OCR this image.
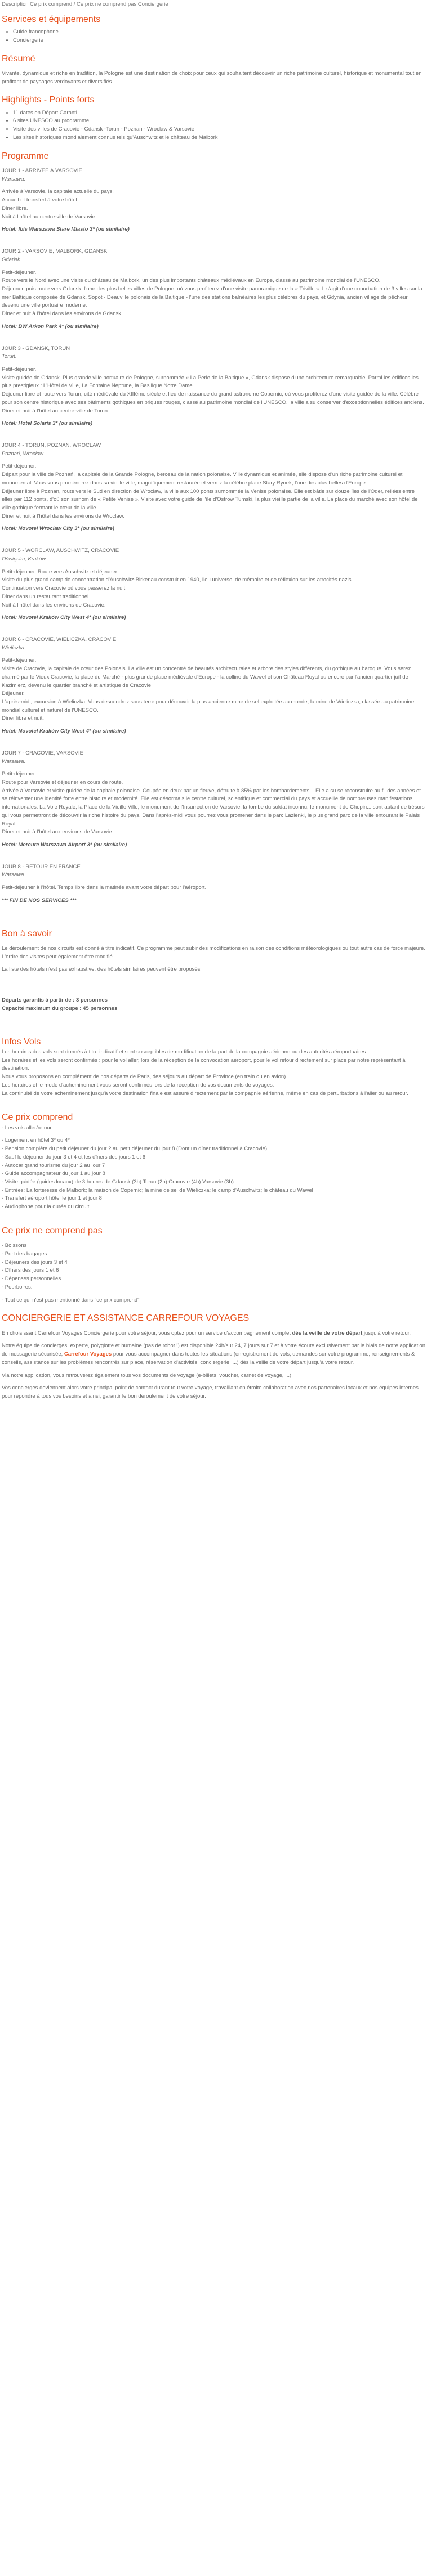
Description Ce prix comprend / Ce prix ne comprend pas Conciergerie

Services et équipements
• Guide francophone
• Conciergerie
Résumé

Vivante, dynamique et riche en tradition, la Pologne est une destination de choix pour ceux qui souhaitent découvrir un riche patrimoine culturel, historique et monumental tout en profitant de paysages verdoyants et diversifiés.

Highlights - Points forts
• 11 dates en Départ Garanti
• 6 sites UNESCO au programme
• Visite des villes de Cracovie - Gdansk -Torun - Poznan - Wroclaw & Varsovie
• Les sites historiques mondialement connus tels qu'Auschwitz et le château de Malbork
Programme

JOUR 1 - ARRIVÉE À VARSOVIE

Warsawa.

Arrivée à Varsovie, la capitale actuelle du pays.
Accueil et transfert à votre hôtel.
Dîner libre.
Nuit à l'hôtel au centre-ville de Varsovie.

Hotel: Ibis Warszawa Stare Miasto 3* (ou similaire)

JOUR 2 - VARSOVIE, MALBORK, GDANSK

Gdańsk.

Petit-déjeuner.
Route vers le Nord avec une visite du château de Malbork, un des plus importants châteaux médiévaux en Europe, classé au patrimoine mondial de l'UNESCO.
Déjeuner, puis route vers Gdansk, l'une des plus belles villes de Pologne, où vous profiterez d'une visite panoramique de la « Triville ». Il s'agit d'une conurbation de 3 villes sur la mer Baltique composée de Gdansk, Sopot - Deauville polonais de la Baltique - l'une des stations balnéaires les plus célèbres du pays, et Gdynia, ancien village de pêcheur devenu une ville portuaire moderne.
Dîner et nuit à l'hôtel dans les environs de Gdansk.

Hotel: BW Arkon Park 4* (ou similaire)

JOUR 3 - GDANSK, TORUN

Toruń.

Petit-déjeuner.
Visite guidée de Gdansk. Plus grande ville portuaire de Pologne, surnommée « La Perle de la Baltique », Gdansk dispose d'une architecture remarquable. Parmi les édifices les plus prestigieux : L'Hôtel de Ville, La Fontaine Neptune, la Basilique Notre Dame.
Déjeuner libre et route vers Torun, cité médiévale du XIIIème siècle et lieu de naissance du grand astronome Copernic, où vous profiterez d'une visite guidée de la ville. Célèbre pour son centre historique avec ses bâtiments gothiques en briques rouges, classé au patrimoine mondial de l'UNESCO, la ville a su conserver d'exceptionnelles édifices anciens.
Dîner et nuit à l'hôtel au centre-ville de Torun.

Hotel: Hotel Solaris 3* (ou similaire)

JOUR 4 - TORUN, POZNAN, WROCLAW

Poznań, Wrocław.

Petit-déjeuner.
Départ pour la ville de Poznań, la capitale de la Grande Pologne, berceau de la nation polonaise. Ville dynamique et animée, elle dispose d'un riche patrimoine culturel et monumental. Vous vous promènerez dans sa vieille ville, magnifiquement restaurée et verrez la célèbre place Stary Rynek, l'une des plus belles d'Europe.
Déjeuner libre à Poznan, route vers le Sud en direction de Wroclaw, la ville aux 100 ponts surnommée la Venise polonaise. Elle est bâtie sur douze îles de l'Oder, reliées entre elles par 112 ponts, d'où son surnom de « Petite Venise ». Visite avec votre guide de l'île d'Ostrow Tumski, la plus vieille partie de la ville. La place du marché avec son hôtel de ville gothique fermant le cœur de la ville.
Dîner et nuit à l'hôtel dans les environs de Wroclaw.

Hotel: Novotel Wroclaw City 3* (ou similaire)

JOUR 5 - WORCLAW, AUSCHWITZ, CRACOVIE

Oświęcim, Kraków.

Petit-déjeuner. Route vers Auschwitz et déjeuner.
Visite du plus grand camp de concentration d'Auschwitz-Birkenau construit en 1940, lieu universel de mémoire et de réflexion sur les atrocités nazis.
Continuation vers Cracovie où vous passerez la nuit.
Dîner dans un restaurant traditionnel.
Nuit à l'hôtel dans les environs de Cracovie.

Hotel: Novotel Kraków City West 4* (ou similaire)

JOUR 6 - CRACOVIE, WIELICZKA, CRACOVIE

Wieliczka.

Petit-déjeuner.
Visite de Cracovie, la capitale de cœur des Polonais. La ville est un concentré de beautés architecturales et arbore des styles différents, du gothique au baroque. Vous serez charmé par le Vieux Cracovie, la place du Marché - plus grande place médiévale d'Europe - la colline du Wawel et son Château Royal ou encore par l'ancien quartier juif de Kazimierz, devenu le quartier branché et artistique de Cracovie.
Déjeuner.
L'après-midi, excursion à Wieliczka. Vous descendrez sous terre pour découvrir la plus ancienne mine de sel exploitée au monde, la mine de Wieliczka, classée au patrimoine mondial culturel et naturel de l'UNESCO.
Dîner libre et nuit.

Hotel: Novotel Kraków City West 4* (ou similaire)

JOUR 7 - CRACOVIE, VARSOVIE

Warsawa.

Petit-déjeuner.
Route pour Varsovie et déjeuner en cours de route.
Arrivée à Varsovie et visite guidée de la capitale polonaise. Coupée en deux par un fleuve, détruite à 85% par les bombardements... Elle a su se reconstruire au fil des années et se réinventer une identité forte entre histoire et modernité. Elle est désormais le centre culturel, scientifique et commercial du pays et accueille de nombreuses manifestations internationales. La Voie Royale, la Place de la Vieille Ville, le monument de l'Insurrection de Varsovie, la tombe du soldat inconnu, le monument de Chopin... sont autant de trésors qui vous permettront de découvrir la riche histoire du pays. Dans l'après-midi vous pourrez vous promener dans le parc Lazienki, le plus grand parc de la ville entourant le Palais Royal.
Dîner et nuit à l'hôtel aux environs de Varsovie.

Hotel: Mercure Warszawa Airport 3* (ou similaire)

JOUR 8 - RETOUR EN FRANCE

Warsawa.

Petit-déjeuner à l'hôtel. Temps libre dans la matinée avant votre départ pour l'aéroport.

*** FIN DE NOS SERVICES ***

Bon à savoir

Le déroulement de nos circuits est donné à titre indicatif. Ce programme peut subir des modifications en raison des conditions météorologiques ou tout autre cas de force majeure. L'ordre des visites peut également être modifié.

La liste des hôtels n'est pas exhaustive, des hôtels similaires peuvent être proposés

Départs garantis à partir de : 3 personnes

Capacité maximum du groupe : 45 personnes

Infos Vols

Les horaires des vols sont donnés à titre indicatif et sont susceptibles de modification de la part de la compagnie aérienne ou des autorités aéroportuaires.

Les horaires et les vols seront confirmés : pour le vol aller, lors de la réception de la convocation aéroport, pour le vol retour directement sur place par notre représentant à destination.

Nous vous proposons en complément de nos départs de Paris, des séjours au départ de Province (en train ou en avion).

Les horaires et le mode d'acheminement vous seront confirmés lors de la réception de vos documents de voyages.

La continuité de votre acheminement jusqu'à votre destination finale est assuré directement par la compagnie aérienne, même en cas de perturbations à l'aller ou au retour.

Ce prix comprend

- Les vols aller/retour

- Logement en hôtel 3* ou 4*

- Pension complète du petit déjeuner du jour 2 au petit déjeuner du jour 8 (Dont un dîner traditionnel à Cracovie)

- Sauf le déjeuner du jour 3 et 4 et les dîners des jours 1 et 6

- Autocar grand tourisme du jour 2 au jour 7

- Guide accompagnateur du jour 1 au jour 8

- Visite guidée (guides locaux) de 3 heures de Gdansk (3h) Torun (2h) Cracovie (4h) Varsovie (3h)

- Entrées: La forteresse de Malbork; la maison de Copernic; la mine de sel de Wieliczka; le camp d'Auschwitz; le château du Wawel

- Transfert aéroport hôtel le jour 1 et jour 8

- Audiophone pour la durée du circuit

Ce prix ne comprend pas

- Boissons

- Port des bagages

- Déjeuners des jours 3 et 4

- Dîners des jours 1 et 6

- Dépenses personnelles

- Pourboires.

- Tout ce qui n'est pas mentionné dans "ce prix comprend"

CONCIERGERIE ET ASSISTANCE CARREFOUR VOYAGES

En choisissant Carrefour Voyages Conciergerie pour votre séjour, vous optez pour un service d'accompagnement complet dès la veille de votre départ jusqu'à votre retour.

Notre équipe de concierges, experte, polyglotte et humaine (pas de robot !) est disponible 24h/sur 24, 7 jours sur 7 et à votre écoute exclusivement par le biais de notre application de messagerie sécurisée, Carrefour Voyages pour vous accompagner dans toutes les situations (enregistrement de vols, demandes sur votre programme, renseignements & conseils, assistance sur les problèmes rencontrés sur place, réservation d'activités, conciergerie, ...) dès la veille de votre départ jusqu'à votre retour.

Via notre application, vous retrouverez également tous vos documents de voyage (e-billets, voucher, carnet de voyage, ...)

Vos concierges deviennent alors votre principal point de contact durant tout votre voyage, travaillant en étroite collaboration avec nos partenaires locaux et nos équipes internes pour répondre à tous vos besoins et ainsi, garantir le bon déroulement de votre séjour.
